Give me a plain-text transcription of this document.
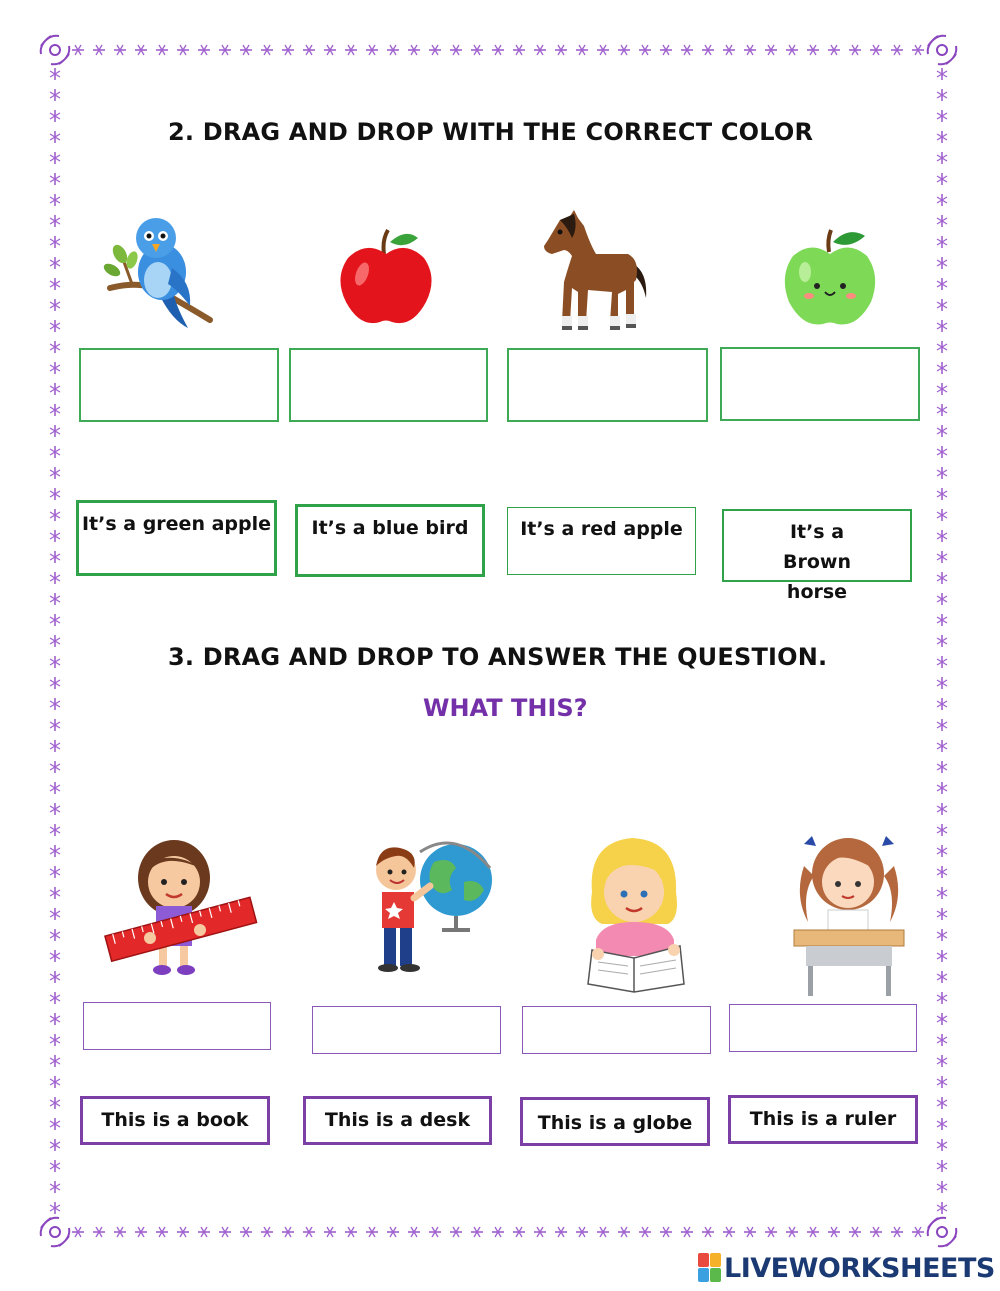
2. DRAG AND DROP WITH THE CORRECT COLOR
It’s a green apple It’s a blue bird	It’s a red apple	It’s a Brown horse
3. DRAG AND DROP TO ANSWER THE QUESTION.
WHAT THIS?
This is a book	This is a desk	This is a globe	This is a ruler
LIVEWORKSHEETS
